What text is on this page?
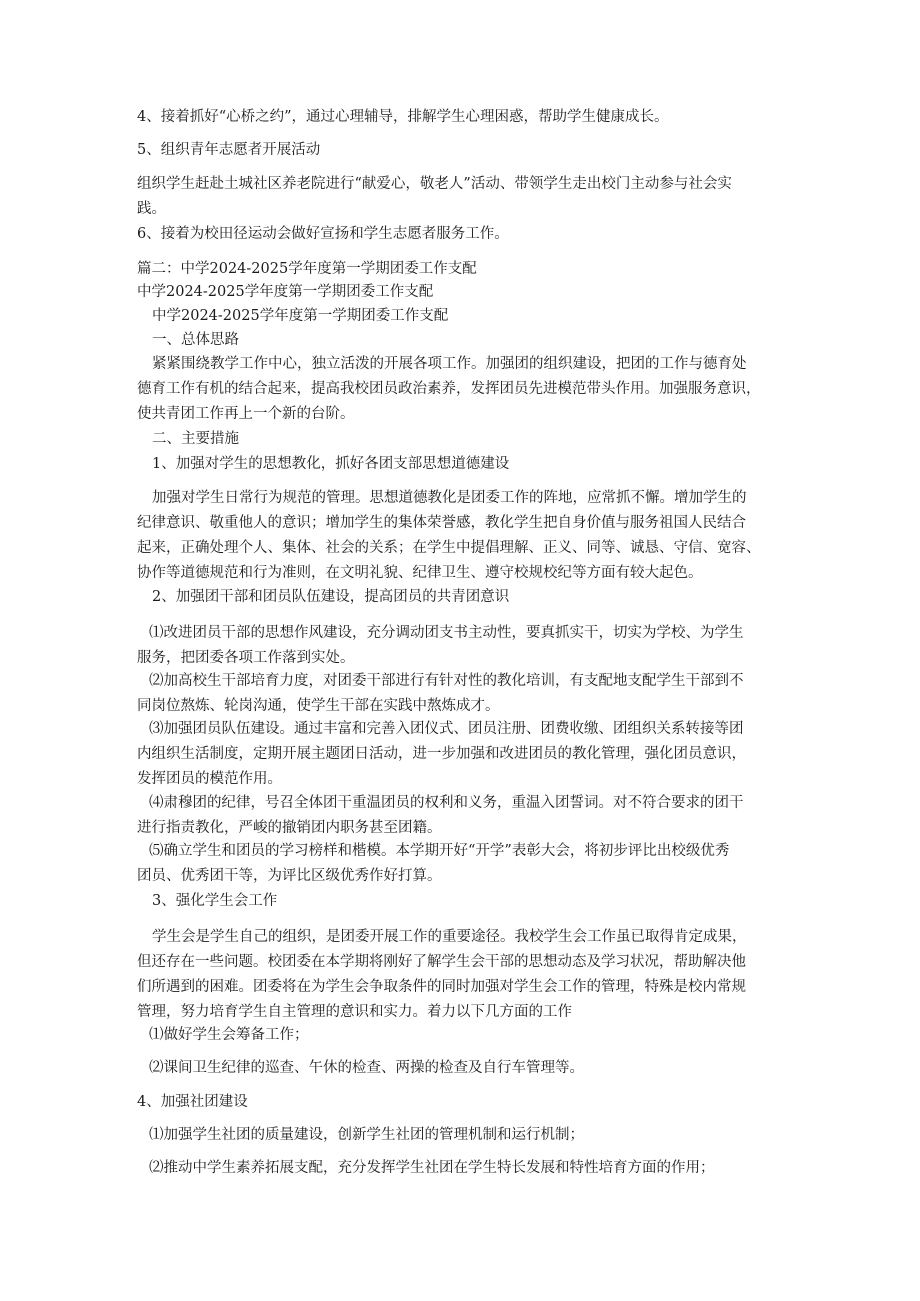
4、接着抓好“心桥之约”，通过心理辅导，排解学生心理困惑，帮助学生健康成长。

5、组织青年志愿者开展活动

组织学生赶赴土城社区养老院进行“献爱心，敬老人”活动、带领学生走出校门主动参与社会实
践。

6、接着为校田径运动会做好宣扬和学生志愿者服务工作。

篇二：中学2024-2025学年度第一学期团委工作支配

中学2024-2025学年度第一学期团委工作支配

中学2024-2025学年度第一学期团委工作支配

一、总体思路

紧紧围绕教学工作中心，独立活泼的开展各项工作。加强团的组织建设，把团的工作与德育处
德育工作有机的结合起来，提高我校团员政治素养，发挥团员先进模范带头作用。加强服务意识，
使共青团工作再上一个新的台阶。

二、主要措施

1、加强对学生的思想教化，抓好各团支部思想道德建设

加强对学生日常行为规范的管理。思想道德教化是团委工作的阵地，应常抓不懈。增加学生的
纪律意识、敬重他人的意识；增加学生的集体荣誉感，教化学生把自身价值与服务祖国人民结合
起来，正确处理个人、集体、社会的关系；在学生中提倡理解、正义、同等、诚恳、守信、宽容、
协作等道德规范和行为准则，在文明礼貌、纪律卫生、遵守校规校纪等方面有较大起色。

2、加强团干部和团员队伍建设，提高团员的共青团意识

⑴改进团员干部的思想作风建设，充分调动团支书主动性，要真抓实干，切实为学校、为学生
服务，把团委各项工作落到实处。
⑵加高校生干部培育力度，对团委干部进行有针对性的教化培训，有支配地支配学生干部到不
同岗位熬炼、轮岗沟通，使学生干部在实践中熬炼成才。
⑶加强团员队伍建设。通过丰富和完善入团仪式、团员注册、团费收缴、团组织关系转接等团
内组织生活制度，定期开展主题团日活动，进一步加强和改进团员的教化管理，强化团员意识，
发挥团员的模范作用。
⑷肃穆团的纪律，号召全体团干重温团员的权利和义务，重温入团誓词。对不符合要求的团干
进行指责教化，严峻的撤销团内职务甚至团籍。
⑸确立学生和团员的学习榜样和楷模。本学期开好“开学”表彰大会，将初步评比出校级优秀
团员、优秀团干等，为评比区级优秀作好打算。

3、强化学生会工作

学生会是学生自己的组织，是团委开展工作的重要途径。我校学生会工作虽已取得肯定成果，
但还存在一些问题。校团委在本学期将刚好了解学生会干部的思想动态及学习状况，帮助解决他
们所遇到的困难。团委将在为学生会争取条件的同时加强对学生会工作的管理，特殊是校内常规
管理，努力培育学生自主管理的意识和实力。着力以下几方面的工作

⑴做好学生会筹备工作；

⑵课间卫生纪律的巡查、午休的检查、两操的检查及自行车管理等。

4、加强社团建设

⑴加强学生社团的质量建设，创新学生社团的管理机制和运行机制；

⑵推动中学生素养拓展支配，充分发挥学生社团在学生特长发展和特性培育方面的作用；
